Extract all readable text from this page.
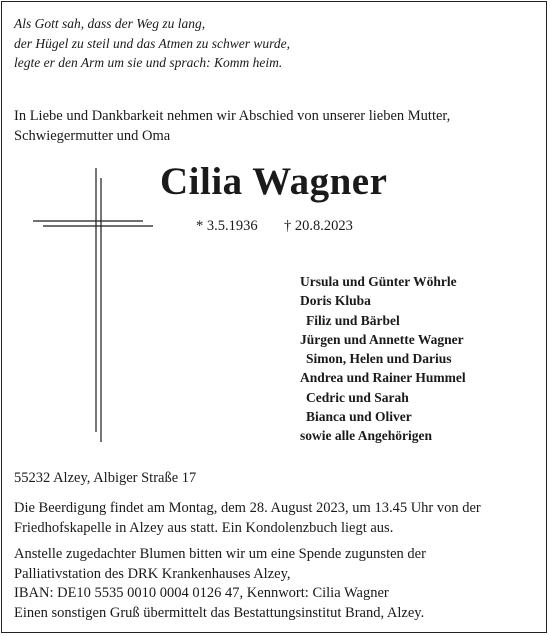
Als Gott sah, dass der Weg zu lang,
der Hügel zu steil und das Atmen zu schwer wurde,
legte er den Arm um sie und sprach: Komm heim.
In Liebe und Dankbarkeit nehmen wir Abschied von unserer lieben Mutter, Schwiegermutter und Oma
Cilia Wagner
* 3.5.1936 † 20.8.2023
Ursula und Günter Wöhrle
Doris Kluba
Filiz und Bärbel
Jürgen und Annette Wagner
Simon, Helen und Darius
Andrea und Rainer Hummel
Cedric und Sarah
Bianca und Oliver
sowie alle Angehörigen
55232 Alzey, Albiger Straße 17
Die Beerdigung findet am Montag, dem 28. August 2023, um 13.45 Uhr von der Friedhofskapelle in Alzey aus statt. Ein Kondolenzbuch liegt aus.
Anstelle zugedachter Blumen bitten wir um eine Spende zugunsten der
Palliativstation des DRK Krankenhauses Alzey,
IBAN: DE10 5535 0010 0004 0126 47, Kennwort: Cilia Wagner
Einen sonstigen Gruß übermittelt das Bestattungsinstitut Brand, Alzey.
